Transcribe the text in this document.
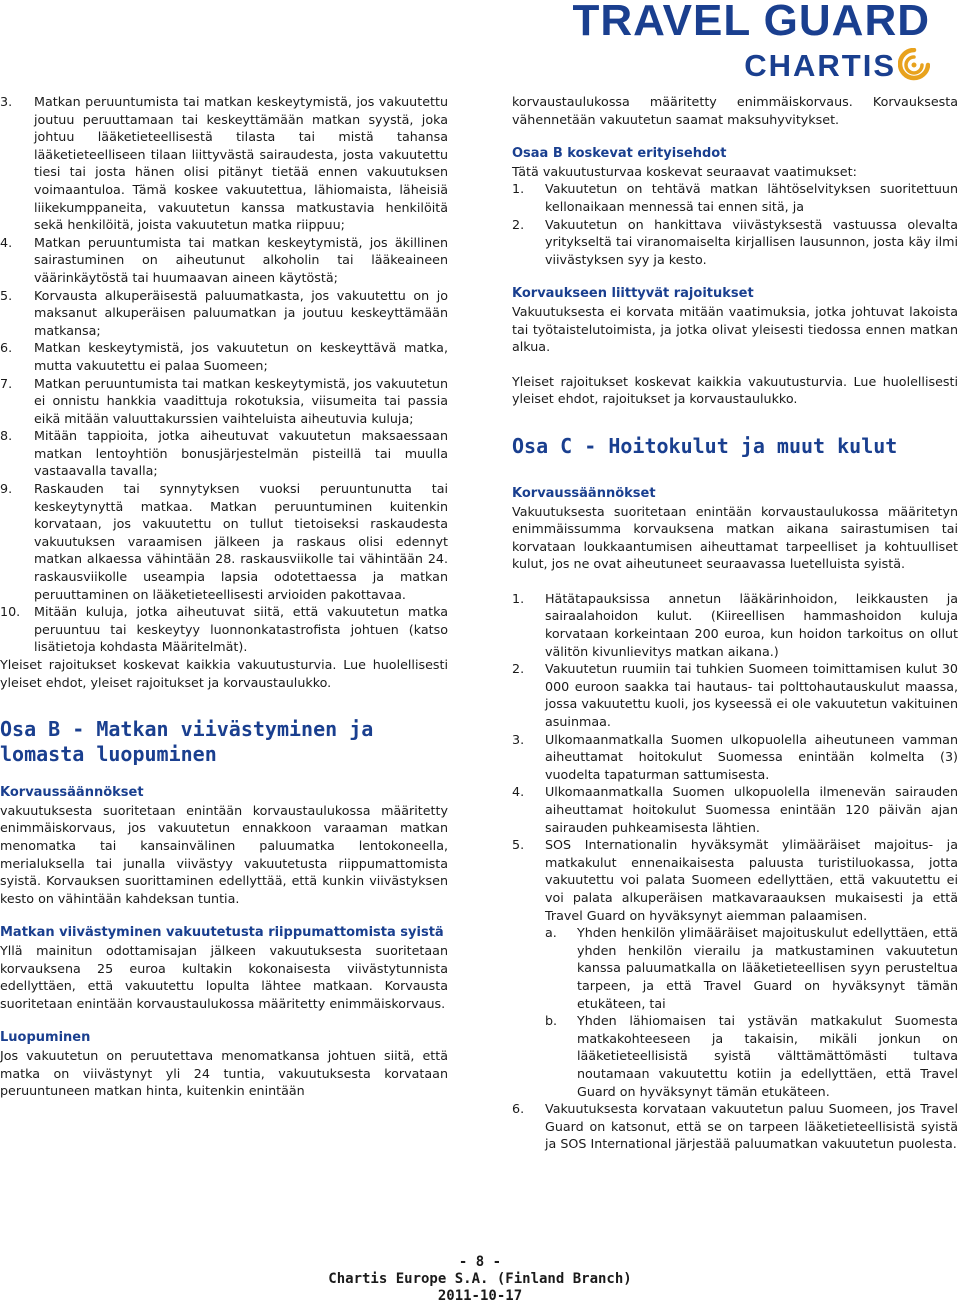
TRAVEL GUARD
CHARTIS
3.	Matkan peruuntumista tai matkan keskeytymistä, jos vakuutettu joutuu peruuttamaan tai keskeyttämään matkan syystä, joka johtuu lääketieteellisestä tilasta tai mistä tahansa lääketieteelliseen tilaan liittyvästä sairaudesta, josta vakuutettu tiesi tai josta hänen olisi pitänyt tietää ennen vakuutuksen voimaantuloa. Tämä koskee vakuutettua, lähiomaista, läheisiä liikekumppaneita, vakuutetun kanssa matkustavia henkilöitä sekä henkilöitä, joista vakuutetun matka riippuu;
4.	Matkan peruuntumista tai matkan keskeytymistä, jos äkillinen sairastuminen on aiheutunut alkoholin tai lääkeaineen väärinkäytöstä tai huumaavan aineen käytöstä;
5.	Korvausta alkuperäisestä paluumatkasta, jos vakuutettu on jo maksanut alkuperäisen paluumatkan ja joutuu keskeyttämään matkansa;
6.	Matkan keskeytymistä, jos vakuutetun on keskeyttävä matka, mutta vakuutettu ei palaa Suomeen;
7.	Matkan peruuntumista tai matkan keskeytymistä, jos vakuutetun ei onnistu hankkia vaadittuja rokotuksia, viisumeita tai passia eikä mitään valuuttakurssien vaihteluista aiheutuvia kuluja;
8.	Mitään tappioita, jotka aiheutuvat vakuutetun maksaessaan matkan lentoyhtiön bonusjärjestelmän pisteillä tai muulla vastaavalla tavalla;
9.	Raskauden tai synnytyksen vuoksi peruuntunutta tai keskeytynyttä matkaa. Matkan peruuntuminen kuitenkin korvataan, jos vakuutettu on tullut tietoiseksi raskaudesta vakuutuksen varaamisen jälkeen ja raskaus olisi edennyt matkan alkaessa vähintään 28. raskausviikolle tai vähintään 24. raskausviikolle useampia lapsia odotettaessa ja matkan peruuttaminen on lääketieteellisesti arvioiden pakottavaa.
10.	Mitään kuluja, jotka aiheutuvat siitä, että vakuutetun matka peruuntuu tai keskeytyy luonnonkatastrofista johtuen (katso lisätietoja kohdasta Määritelmät).

Yleiset rajoitukset koskevat kaikkia vakuutusturvia. Lue huolellisesti yleiset ehdot, yleiset rajoitukset ja korvaustaulukko.

Osa B - Matkan viivästyminen ja lomasta luopuminen

Korvaussäännökset

vakuutuksesta suoritetaan enintään korvaustaulukossa määritetty enimmäiskorvaus, jos vakuutetun ennakkoon varaaman matkan menomatka tai kansainvälinen paluumatka lentokoneella, merialuksella tai junalla viivästyy vakuutetusta riippumattomista syistä. Korvauksen suorittaminen edellyttää, että kunkin viivästyksen kesto on vähintään kahdeksan tuntia.

Matkan viivästyminen vakuutetusta riippumattomista syistä

Yllä mainitun odottamisajan jälkeen vakuutuksesta suoritetaan korvauksena 25 euroa kultakin kokonaisesta viivästytunnista edellyttäen, että vakuutettu lopulta lähtee matkaan. Korvausta suoritetaan enintään korvaustaulukossa määritetty enimmäiskorvaus.

Luopuminen

Jos vakuutetun on peruutettava menomatkansa johtuen siitä, että matka on viivästynyt yli 24 tuntia, vakuutuksesta korvataan peruuntuneen matkan hinta, kuitenkin enintään

korvaustaulukossa määritetty enimmäiskorvaus. Korvauksesta vähennetään vakuutetun saamat maksuhyvitykset.

Osaa B koskevat erityisehdot

Tätä vakuutusturvaa koskevat seuraavat vaatimukset:

1.	Vakuutetun on tehtävä matkan lähtöselvityksen suoritettuun kellonaikaan mennessä tai ennen sitä, ja
2.	Vakuutetun on hankittava viivästyksestä vastuussa olevalta yritykseltä tai viranomaiselta kirjallisen lausunnon, josta käy ilmi viivästyksen syy ja kesto.

Korvaukseen liittyvät rajoitukset

Vakuutuksesta ei korvata mitään vaatimuksia, jotka johtuvat lakoista tai työtaistelutoimista, ja jotka olivat yleisesti tiedossa ennen matkan alkua.

Yleiset rajoitukset koskevat kaikkia vakuutusturvia. Lue huolellisesti yleiset ehdot, rajoitukset ja korvaustaulukko.

Osa C - Hoitokulut ja muut kulut

Korvaussäännökset

Vakuutuksesta suoritetaan enintään korvaustaulukossa määritetyn enimmäissumma korvauksena matkan aikana sairastumisen tai korvataan loukkaantumisen aiheuttamat tarpeelliset ja kohtuulliset kulut, jos ne ovat aiheutuneet seuraavassa luetelluista syistä.

1.	Hätätapauksissa annetun lääkärinhoidon, leikkausten ja sairaalahoidon kulut. (Kiireellisen hammashoidon kuluja korvataan korkeintaan 200 euroa, kun hoidon tarkoitus on ollut välitön kivunlievitys matkan aikana.)
2.	Vakuutetun ruumiin tai tuhkien Suomeen toimittamisen kulut 30 000 euroon saakka tai hautaus- tai polttohautauskulut maassa, jossa vakuutettu kuoli, jos kyseessä ei ole vakuutetun vakituinen asuinmaa.
3.	Ulkomaanmatkalla Suomen ulkopuolella aiheutuneen vamman aiheuttamat hoitokulut Suomessa enintään kolmelta (3) vuodelta tapaturman sattumisesta.
4.	Ulkomaanmatkalla Suomen ulkopuolella ilmenevän sairauden aiheuttamat hoitokulut Suomessa enintään 120 päivän ajan sairauden puhkeamisesta lähtien.
5.	SOS Internationalin hyväksymät ylimääräiset majoitus- ja matkakulut ennenaikaisesta paluusta turistiluokassa, jotta vakuutettu voi palata Suomeen edellyttäen, että vakuutettu ei voi palata alkuperäisen matkavaraauksen mukaisesti ja että Travel Guard on hyväksynyt aiemman palaamisen.
a.	Yhden henkilön ylimääräiset majoituskulut edellyttäen, että yhden henkilön vierailu ja matkustaminen vakuutetun kanssa paluumatkalla on lääketieteellisen syyn perusteltua tarpeen, ja että Travel Guard on hyväksynyt tämän etukäteen, tai
b.	Yhden lähiomaisen tai ystävän matkakulut Suomesta matkakohteeseen ja takaisin, mikäli jonkun on lääketieteellisistä syistä välttämättömästi tultava noutamaan vakuutettu kotiin ja edellyttäen, että Travel Guard on hyväksynyt tämän etukäteen.
6.	Vakuutuksesta korvataan vakuutetun paluu Suomeen, jos Travel Guard on katsonut, että se on tarpeen lääketieteellisistä syistä ja SOS International järjestää paluumatkan vakuutetun puolesta.
- 8 -
Chartis Europe S.A. (Finland Branch)
2011-10-17
